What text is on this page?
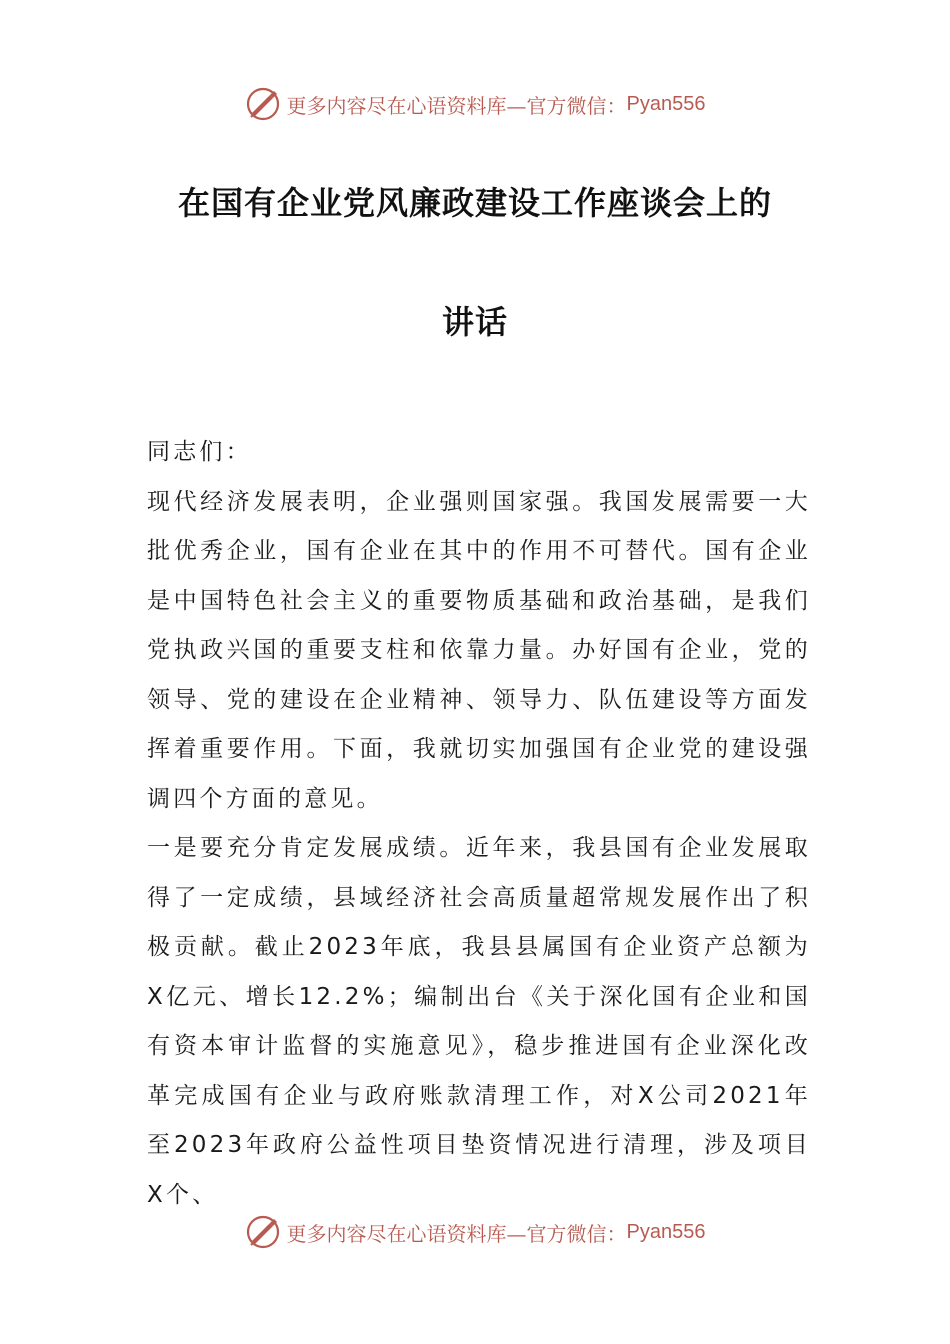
更多内容尽在心语资料库—官方微信： Pyan556
在国有企业党风廉政建设工作座谈会上的
讲话

同志们：

现代经济发展表明，企业强则国家强。我国发展需要一大批优秀企业，国有企业在其中的作用不可替代。国有企业是中国特色社会主义的重要物质基础和政治基础，是我们党执政兴国的重要支柱和依靠力量。办好国有企业，党的领导、党的建设在企业精神、领导力、队伍建设等方面发挥着重要作用。下面，我就切实加强国有企业党的建设强调四个方面的意见。

一是要充分肯定发展成绩。近年来，我县国有企业发展取得了一定成绩，县域经济社会高质量超常规发展作出了积极贡献。截止2023年底，我县县属国有企业资产总额为X亿元、增长12.2%；编制出台《关于深化国有企业和国有资本审计监督的实施意见》，稳步推进国有企业深化改革完成国有企业与政府账款清理工作，对X公司2021年至2023年政府公益性项目垫资情况进行清理，涉及项目X个、

更多内容尽在心语资料库—官方微信： Pyan556
